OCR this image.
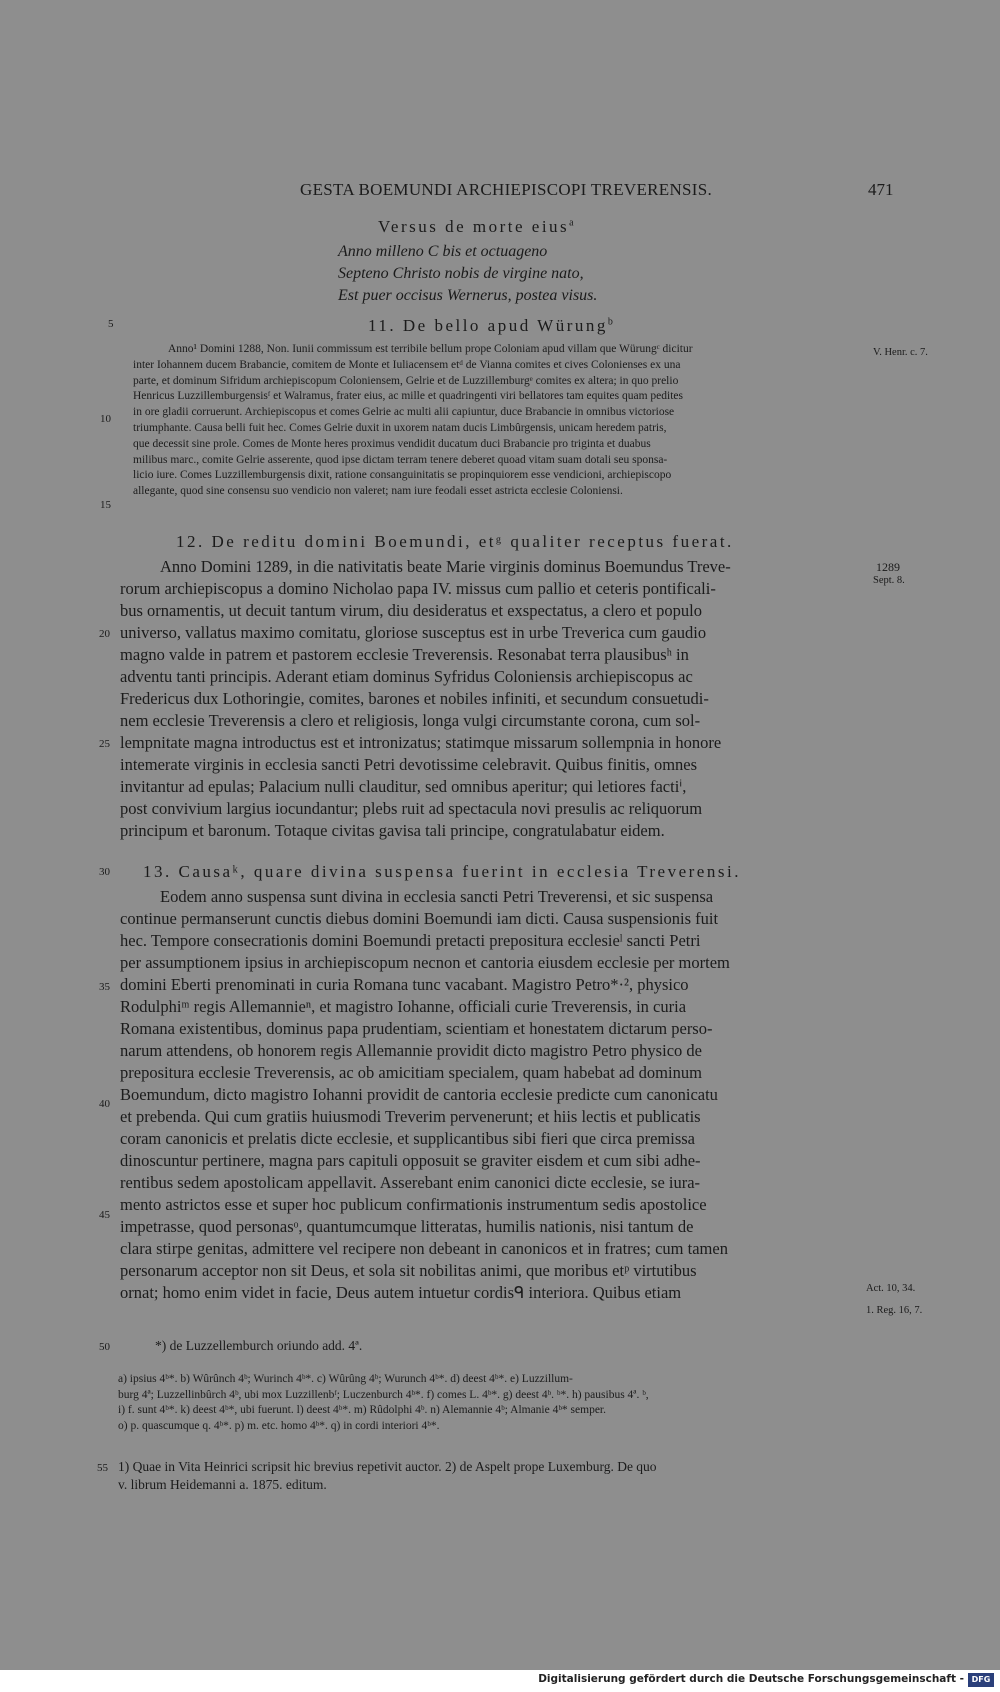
GESTA BOEMUNDI ARCHIEPISCOPI TREVERENSIS.	471
Versus de morte eius$^a$
Anno milleno C bis et octuageno
Septeno Christo nobis de virgine nato,
Est puer occisus Wernerus, postea visus.
5	11. De bello apud Würung$^b$
V. Henr. c. 7.
Anno¹ Domini 1288, Non. Iunii commissum est terribile bellum prope Coloniam apud villam que Würungᶜ dicitur
inter Iohannem ducem Brabancie, comitem de Monte et Iuliacensem etᵈ de Vianna comites et cives Colonienses ex una
parte, et dominum Sifridum archiepiscopum Coloniensem, Gelrie et de Luzzillemburgᵉ comites ex altera; in quo prelio
Henricus Luzzillemburgensisᶠ et Walramus, frater eius, ac mille et quadringenti viri bellatores tam equites quam pedites
in ore gladii corruerunt. Archiepiscopus et comes Gelrie ac multi alii capiuntur, duce Brabancie in omnibus victoriose
triumphante. Causa belli fuit hec. Comes Gelrie duxit in uxorem natam ducis Limbûrgensis, unicam heredem patris,
que decessit sine prole. Comes de Monte heres proximus vendidit ducatum duci Brabancie pro triginta et duabus
milibus marc., comite Gelrie asserente, quod ipse dictam terram tenere deberet quoad vitam suam dotali seu sponsa-
licio iure. Comes Luzzillemburgensis dixit, ratione consanguinitatis se propinquiorem esse vendicioni, archiepiscopo
allegante, quod sine consensu suo vendicio non valeret; nam iure feodali esset astricta ecclesie Coloniensi.
10
15
12. De reditu domini Boemundi, etᵍ qualiter receptus fuerat.
1289
Sept. 8.
Anno Domini 1289, in die nativitatis beate Marie virginis dominus Boemundus Treve-
rorum archiepiscopus a domino Nicholao papa IV. missus cum pallio et ceteris pontificali-
bus ornamentis, ut decuit tantum virum, diu desideratus et exspectatus, a clero et populo
universo, vallatus maximo comitatu, gloriose susceptus est in urbe Treverica cum gaudio
magno valde in patrem et pastorem ecclesie Treverensis. Resonabat terra plausibusʰ in
adventu tanti principis. Aderant etiam dominus Syfridus Coloniensis archiepiscopus ac
Fredericus dux Lothoringie, comites, barones et nobiles infiniti, et secundum consuetudi-
nem ecclesie Treverensis a clero et religiosis, longa vulgi circumstante corona, cum sol-
lempnitate magna introductus est et intronizatus; statimque missarum sollempnia in honore
intemerate virginis in ecclesia sancti Petri devotissime celebravit. Quibus finitis, omnes
invitantur ad epulas; Palacium nulli clauditur, sed omnibus aperitur; qui letiores factiⁱ,
post convivium largius iocundantur; plebs ruit ad spectacula novi presulis ac reliquorum
principum et baronum. Totaque civitas gavisa tali principe, congratulabatur eidem.
20
25
30 13. Causaᵏ, quare divina suspensa fuerint in ecclesia Treverensi.
Eodem anno suspensa sunt divina in ecclesia sancti Petri Treverensi, et sic suspensa
continue permanserunt cunctis diebus domini Boemundi iam dicti. Causa suspensionis fuit
hec. Tempore consecrationis domini Boemundi pretacti prepositura ecclesieˡ sancti Petri
per assumptionem ipsius in archiepiscopum necnon et cantoria eiusdem ecclesie per mortem
domini Eberti prenominati in curia Romana tunc vacabant. Magistro Petro*·², physico
Rodulphiᵐ regis Allemannieⁿ, et magistro Iohanne, officiali curie Treverensis, in curia
Romana existentibus, dominus papa prudentiam, scientiam et honestatem dictarum perso-
narum attendens, ob honorem regis Allemannie providit dicto magistro Petro physico de
prepositura ecclesie Treverensis, ac ob amicitiam specialem, quam habebat ad dominum
Boemundum, dicto magistro Iohanni providit de cantoria ecclesie predicte cum canonicatu
et prebenda. Qui cum gratiis huiusmodi Treverim pervenerunt; et hiis lectis et publicatis
coram canonicis et prelatis dicte ecclesie, et supplicantibus sibi fieri que circa premissa
dinoscuntur pertinere, magna pars capituli opposuit se graviter eisdem et cum sibi adhe-
rentibus sedem apostolicam appellavit. Asserebant enim canonici dicte ecclesie, se iura-
mento astrictos esse et super hoc publicum confirmationis instrumentum sedis apostolice
impetrasse, quod personasᵒ, quantumcumque litteratas, humilis nationis, nisi tantum de
clara stirpe genitas, admittere vel recipere non debeant in canonicos et in fratres; cum tamen
personarum acceptor non sit Deus, et sola sit nobilitas animi, que moribus etᵖ virtutibus
ornat; homo enim videt in facie, Deus autem intuetur cordisᑫ interiora. Quibus etiam
35
40
45
Act. 10, 34.
1. Reg. 16, 7.
50	*) de Luzzellemburch oriundo add. 4ª.
a) ipsius 4ᵇ*. b) Wûrûnch 4ᵇ; Wurinch 4ᵇ*. c) Wûrûng 4ᵇ; Wurunch 4ᵇ*. d) deest 4ᵇ*. e) Luzzillum-
burg 4ª; Luzzellinbûrch 4ᵇ, ubi mox Luzzillenbᶠ; Luczenburch 4ᵇ*. f) comes L. 4ᵇ*. g) deest 4ᵇ. ᵇ*. h) pausibus 4ª. ᵇ,
i) f. sunt 4ᵇ*. k) deest 4ᵇ*, ubi fuerunt. l) deest 4ᵇ*. m) Rûdolphi 4ᵇ. n) Alemannie 4ᵇ; Almanie 4ᵇ* semper.
o) p. quascumque q. 4ᵇ*. p) m. etc. homo 4ᵇ*. q) in cordi interiori 4ᵇ*.
55 1) Quae in Vita Heinrici scripsit hic brevius repetivit auctor. 2) de Aspelt prope Luxemburg. De quo
v. librum Heidemanni a. 1875. editum.
Digitalisierung gefördert durch die Deutsche Forschungsgemeinschaft - DFG
